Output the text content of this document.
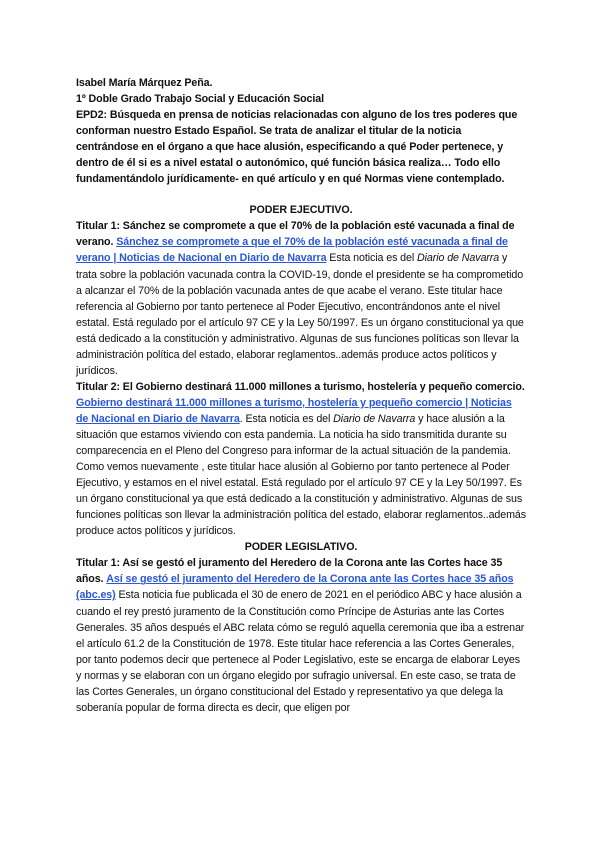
Isabel María Márquez Peña.

1º Doble Grado Trabajo Social y Educación Social

EPD2: Búsqueda en prensa de noticias relacionadas con alguno de los tres poderes que conforman nuestro Estado Español. Se trata de analizar el titular de la noticia centrándose en el órgano a que hace alusión, especificando a qué Poder pertenece, y dentro de él si es a nivel estatal o autonómico, qué función básica realiza… Todo ello fundamentándolo jurídicamente- en qué artículo y en qué Normas viene contemplado.

PODER EJECUTIVO.

Titular 1: Sánchez se compromete a que el 70% de la población esté vacunada a final de verano. Sánchez se compromete a que el 70% de la población esté vacunada a final de verano | Noticias de Nacional en Diario de Navarra Esta noticia es del Diario de Navarra y trata sobre la población vacunada contra la COVID-19, donde el presidente se ha comprometido a alcanzar el 70% de la población vacunada antes de que acabe el verano. Este titular hace referencia al Gobierno por tanto pertenece al Poder Ejecutivo, encontrándonos ante el nivel estatal. Está regulado por el artículo 97 CE y la Ley 50/1997. Es un órgano constitucional ya que está dedicado a la constitución y administrativo. Algunas de sus funciones políticas son llevar la administración política del estado, elaborar reglamentos..además produce actos políticos y jurídicos.

Titular 2: El Gobierno destinará 11.000 millones a turismo, hostelería y pequeño comercio. Gobierno destinará 11.000 millones a turismo, hostelería y pequeño comercio | Noticias de Nacional en Diario de Navarra. Esta noticia es del Diario de Navarra y hace alusión a la situación que estamos viviendo con esta pandemia. La noticia ha sido transmitida durante su comparecencia en el Pleno del Congreso para informar de la actual situación de la pandemia. Como vemos nuevamente , este titular hace alusión al Gobierno por tanto pertenece al Poder Ejecutivo, y estamos en el nivel estatal. Está regulado por el artículo 97 CE y la Ley 50/1997. Es un órgano constitucional ya que está dedicado a la constitución y administrativo. Algunas de sus funciones políticas son llevar la administración política del estado, elaborar reglamentos..además produce actos políticos y jurídicos.

PODER LEGISLATIVO.

Titular 1: Así se gestó el juramento del Heredero de la Corona ante las Cortes hace 35 años. Así se gestó el juramento del Heredero de la Corona ante las Cortes hace 35 años (abc.es) Esta noticia fue publicada el 30 de enero de 2021 en el periódico ABC y hace alusión a cuando el rey prestó juramento de la Constitución como Príncipe de Asturias ante las Cortes Generales. 35 años después el ABC relata cómo se reguló aquella ceremonia que iba a estrenar el artículo 61.2 de la Constitución de 1978. Este titular hace referencia a las Cortes Generales, por tanto podemos decir que pertenece al Poder Legislativo, este se encarga de elaborar Leyes y normas y se elaboran con un órgano elegido por sufragio universal. En este caso, se trata de las Cortes Generales, un órgano constitucional del Estado y representativo ya que delega la soberanía popular de forma directa es decir, que eligen por
